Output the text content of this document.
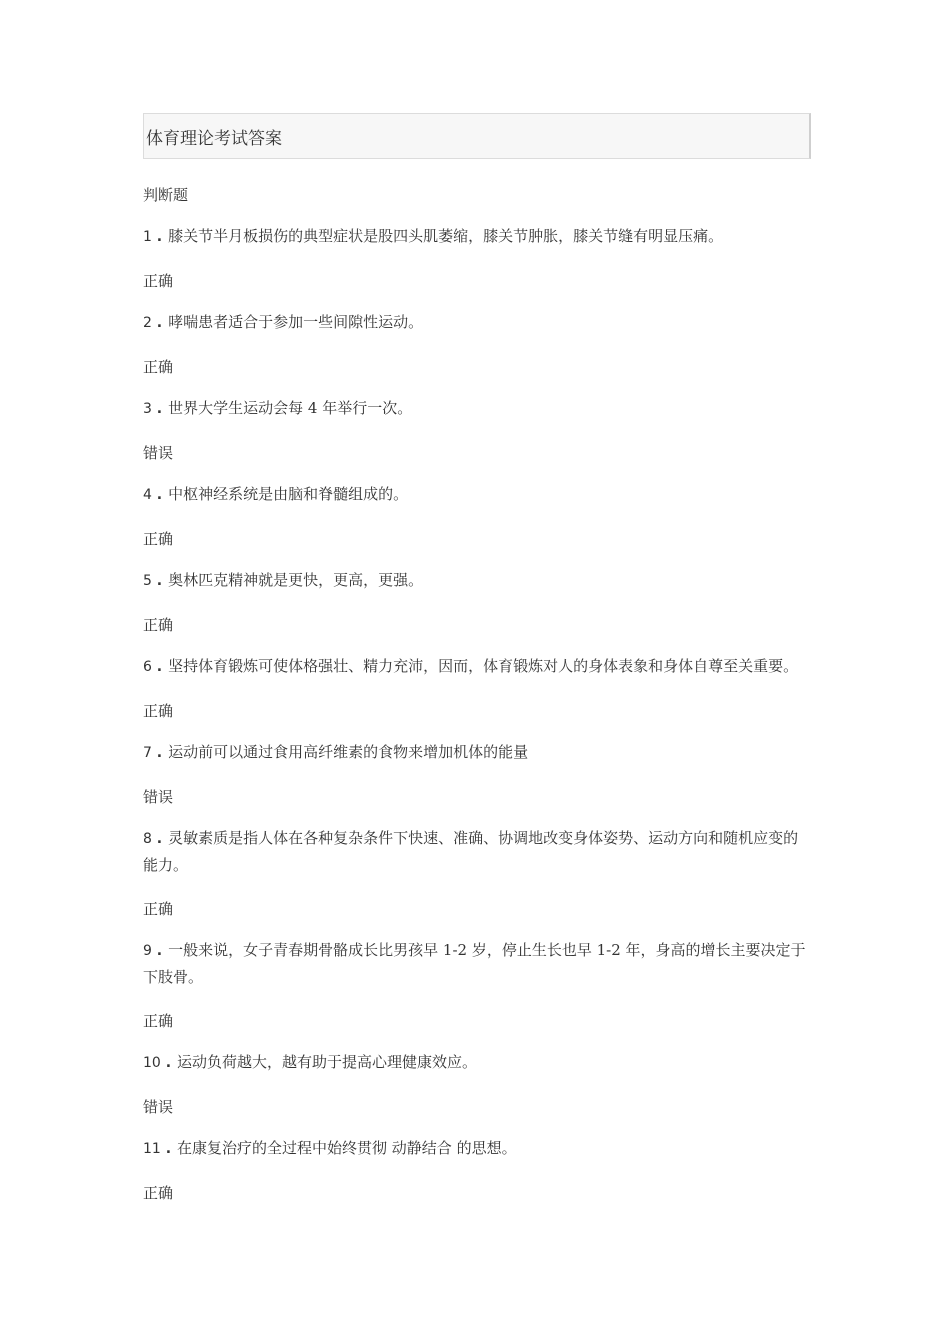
体育理论考试答案
判断题
1 . 膝关节半月板损伤的典型症状是股四头肌萎缩，膝关节肿胀，膝关节缝有明显压痛。
正确
2 . 哮喘患者适合于参加一些间隙性运动。
正确
3 . 世界大学生运动会每 4 年举行一次。
错误
4 . 中枢神经系统是由脑和脊髓组成的。
正确
5 . 奥林匹克精神就是更快，更高，更强。
正确
6 . 坚持体育锻炼可使体格强壮、精力充沛，因而，体育锻炼对人的身体表象和身体自尊至关重要。
正确
7 . 运动前可以通过食用高纤维素的食物来增加机体的能量
错误
8 . 灵敏素质是指人体在各种复杂条件下快速、准确、协调地改变身体姿势、运动方向和随机应变的能力。
正确
9 . 一般来说，女子青春期骨骼成长比男孩早 1-2 岁，停止生长也早 1-2 年，身高的增长主要决定于下肢骨。
正确
10 . 运动负荷越大，越有助于提高心理健康效应。
错误
11 . 在康复治疗的全过程中始终贯彻 动静结合 的思想。
正确
